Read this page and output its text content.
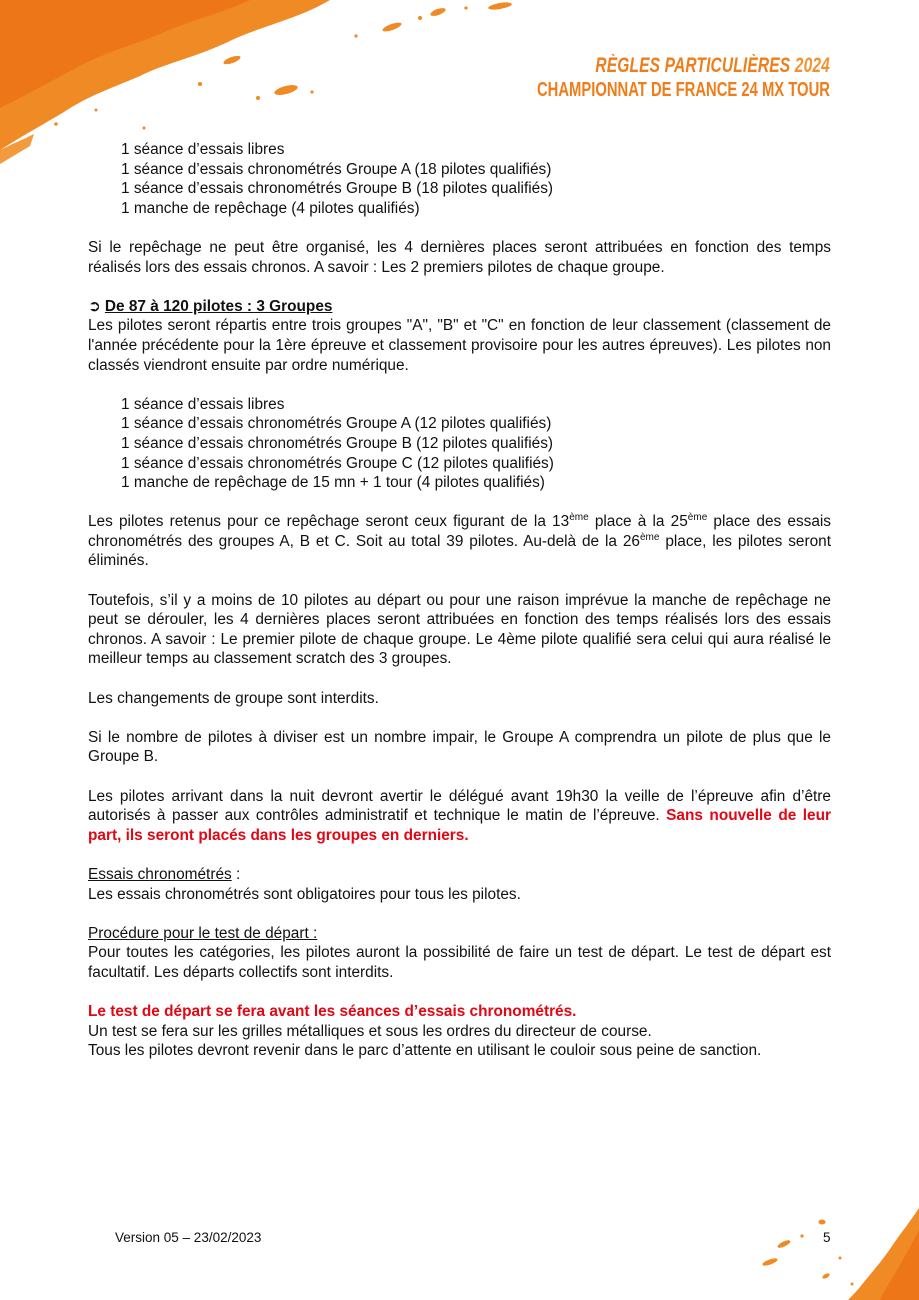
RÈGLES PARTICULIÈRES 2024
CHAMPIONNAT DE FRANCE 24 MX TOUR
1 séance d’essais libres
1 séance d’essais chronométrés Groupe A (18 pilotes qualifiés)
1 séance d’essais chronométrés Groupe B (18 pilotes qualifiés)
1 manche de repêchage (4 pilotes qualifiés)

Si le repêchage ne peut être organisé, les 4 dernières places seront attribuées en fonction des temps réalisés lors des essais chronos. A savoir : Les 2 premiers pilotes de chaque groupe.

➲ De 87 à 120 pilotes : 3 Groupes

Les pilotes seront répartis entre trois groupes "A", "B" et "C" en fonction de leur classement (classement de l'année précédente pour la 1ère épreuve et classement provisoire pour les autres épreuves). Les pilotes non classés viendront ensuite par ordre numérique.

1 séance d’essais libres
1 séance d’essais chronométrés Groupe A (12 pilotes qualifiés)
1 séance d’essais chronométrés Groupe B (12 pilotes qualifiés)
1 séance d’essais chronométrés Groupe C (12 pilotes qualifiés)
1 manche de repêchage de 15 mn + 1 tour (4 pilotes qualifiés)

Les pilotes retenus pour ce repêchage seront ceux figurant de la 13ème place à la 25ème place des essais chronométrés des groupes A, B et C. Soit au total 39 pilotes. Au-delà de la 26ème place, les pilotes seront éliminés.

Toutefois, s’il y a moins de 10 pilotes au départ ou pour une raison imprévue la manche de repêchage ne peut se dérouler, les 4 dernières places seront attribuées en fonction des temps réalisés lors des essais chronos. A savoir : Le premier pilote de chaque groupe. Le 4ème pilote qualifié sera celui qui aura réalisé le meilleur temps au classement scratch des 3 groupes.

Les changements de groupe sont interdits.

Si le nombre de pilotes à diviser est un nombre impair, le Groupe A comprendra un pilote de plus que le Groupe B.

Les pilotes arrivant dans la nuit devront avertir le délégué avant 19h30 la veille de l’épreuve afin d’être autorisés à passer aux contrôles administratif et technique le matin de l’épreuve. Sans nouvelle de leur part, ils seront placés dans les groupes en derniers.

Essais chronométrés :

Les essais chronométrés sont obligatoires pour tous les pilotes.

Procédure pour le test de départ :

Pour toutes les catégories, les pilotes auront la possibilité de faire un test de départ. Le test de départ est facultatif. Les départs collectifs sont interdits.

Le test de départ se fera avant les séances d’essais chronométrés.
Un test se fera sur les grilles métalliques et sous les ordres du directeur de course.
Tous les pilotes devront revenir dans le parc d’attente en utilisant le couloir sous peine de sanction.
Version 05 – 23/02/2023	5
